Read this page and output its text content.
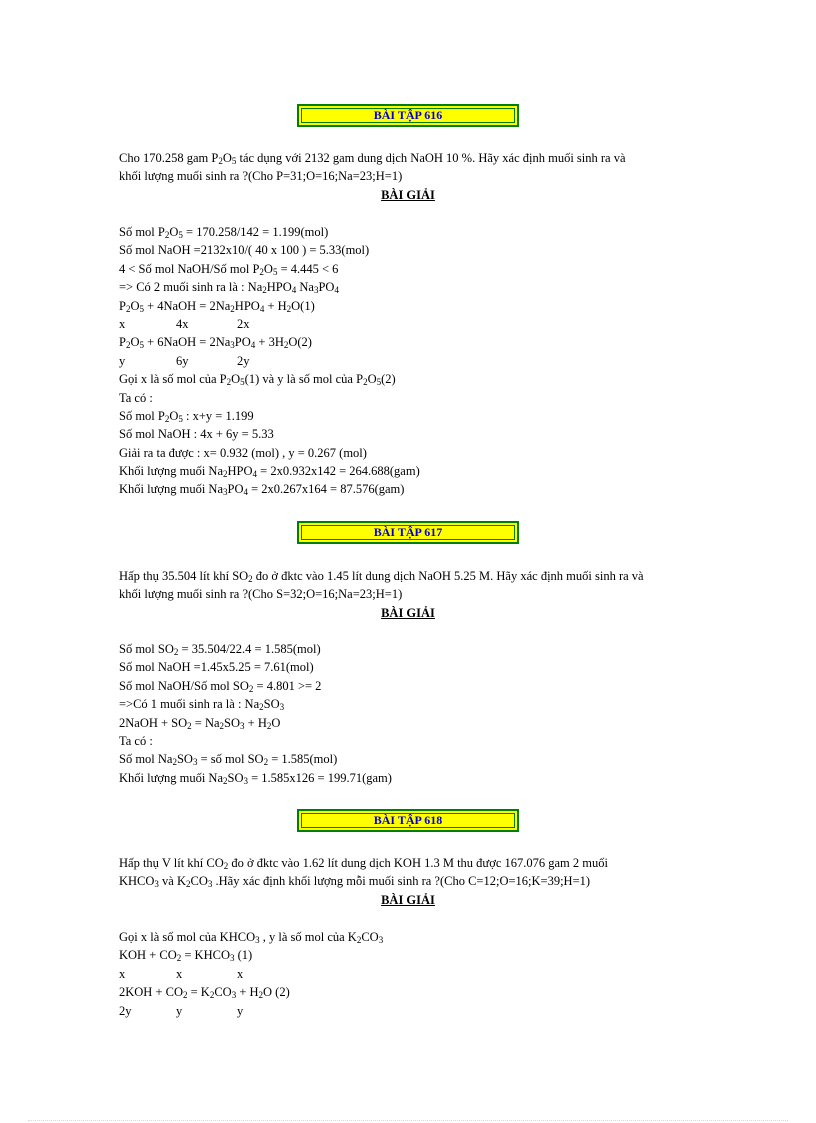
BÀI TẬP 616
Cho 170.258 gam $P_2O_5$ tác dụng với 2132 gam dung dịch NaOH 10 %. Hãy xác định muối sinh ra và
khối lượng muối sinh ra ?(Cho P=31;O=16;Na=23;H=1)
BÀI GIẢI
Số mol $P_2O_5 = 170.258/142 = 1.199(mol)$
Số mol NaOH =2132x10/( 40 x 100 ) = 5.33(mol)
4 < Số mol NaOH/Số mol $P_2O_5 = 4.445 < 6$
=> Có 2 muối sinh ra là : $Na_2HPO_4$ $Na_3PO_4$
$P_2O_5$ + 4NaOH = $2Na_2HPO_4 + H_2O(1)$
x	4x	2x
$P_2O_5$ + 6NaOH = $2Na_3PO_4 + 3H_2O(2)$
y	6y	2y
Gọi x là số mol của $P_2O_5(1)$ và y là số mol của $P_2O_5(2)$
Ta có :
Số mol $P_2O_5$ : x+y = 1.199
Số mol NaOH : 4x + 6y = 5.33
Giải ra ta được : x= 0.932 (mol) , y = 0.267 (mol)
Khối lượng muối $Na_2HPO_4 = 2x0.932x142 = 264.688(gam)$
Khối lượng muối $Na_3PO_4 = 2x0.267x164 = 87.576(gam)$
BÀI TẬP 617
Hấp thụ 35.504 lít khí $SO_2$ đo ở đktc vào 1.45 lít dung dịch NaOH 5.25 M. Hãy xác định muối sinh ra và
khối lượng muối sinh ra ?(Cho S=32;O=16;Na=23;H=1)
BÀI GIẢI
Số mol $SO_2 = 35.504/22.4 = 1.585(mol)$
Số mol NaOH =1.45x5.25 = 7.61(mol)
Số mol NaOH/Số mol $SO_2 = 4.801 >= 2$
=>Có 1 muối sinh ra là : $Na_2SO_3$
2NaOH + $SO_2 = Na_2SO_3 + H_2O$
Ta có :
Số mol $Na_2SO_3$ = số mol $SO_2 = 1.585(mol)$
Khối lượng muối $Na_2SO_3 = 1.585x126 = 199.71(gam)$
BÀI TẬP 618
Hấp thụ V lít khí $CO_2$ đo ở đktc vào 1.62 lít dung dịch KOH 1.3 M thu được 167.076 gam 2 muối
$KHCO_3$ và $K_2CO_3$ .Hãy xác định khối lượng mỗi muối sinh ra ?(Cho C=12;O=16;K=39;H=1)
BÀI GIẢI
Gọi x là số mol của $KHCO_3$ , y là số mol của $K_2CO_3$
KOH + $CO_2$ = $KHCO_3$ (1)
x	x	x
$2KOH + CO_2 = K_2CO_3 + H_2O$ (2)
2y	y	y
